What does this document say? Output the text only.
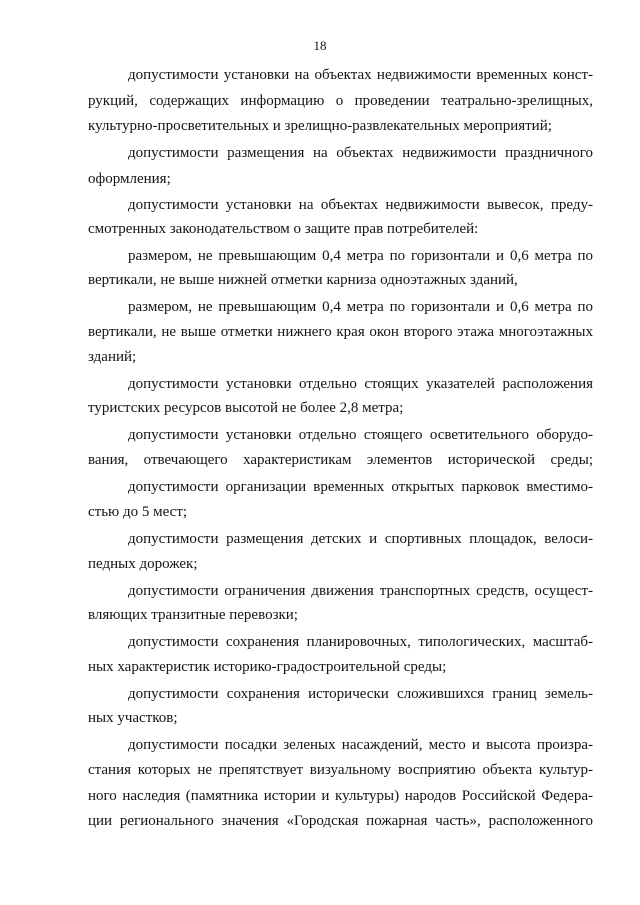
18
допустимости установки на объектах недвижимости временных конст-
рукций, содержащих информацию о проведении театрально-зрелищных,
культурно-просветительных и зрелищно-развлекательных мероприятий;
допустимости размещения на объектах недвижимости праздничного
оформления;
допустимости установки на объектах недвижимости вывесок, преду-
смотренных законодательством о защите прав потребителей:
размером, не превышающим 0,4 метра по горизонтали и 0,6 метра по
вертикали, не выше нижней отметки карниза одноэтажных зданий,
размером, не превышающим 0,4 метра по горизонтали и 0,6 метра по
вертикали, не выше отметки нижнего края окон второго этажа многоэтажных
зданий;
допустимости установки отдельно стоящих указателей расположения
туристских ресурсов высотой не более 2,8 метра;
допустимости установки отдельно стоящего осветительного оборудо-
вания, отвечающего характеристикам элементов исторической среды;
допустимости организации временных открытых парковок вместимо-
стью до 5 мест;
допустимости размещения детских и спортивных площадок, велоси-
педных дорожек;
допустимости ограничения движения транспортных средств, осущест-
вляющих транзитные перевозки;
допустимости сохранения планировочных, типологических, масштаб-
ных характеристик историко-градостроительной среды;
допустимости сохранения исторически сложившихся границ земель-
ных участков;
допустимости посадки зеленых насаждений, место и высота произра-
стания которых не препятствует визуальному восприятию объекта культур-
ного наследия (памятника истории и культуры) народов Российской Федера-
ции регионального значения «Городская пожарная часть», расположенного
